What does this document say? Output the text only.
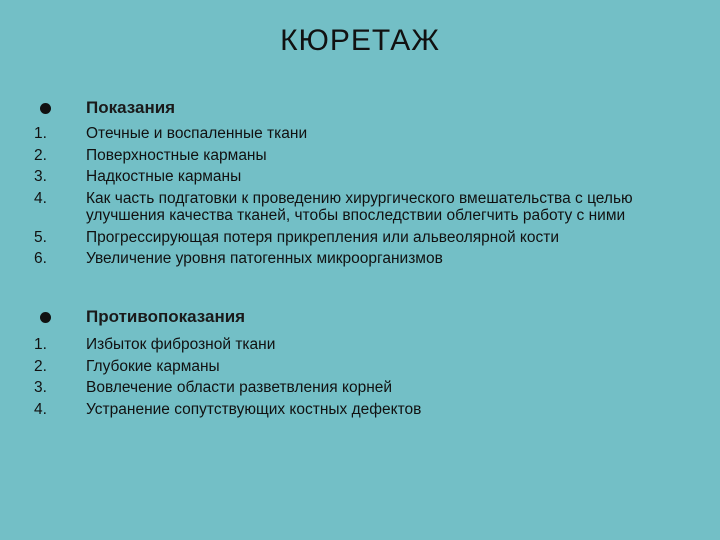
КЮРЕТАЖ
Показания
1.	Отечные и воспаленные ткани
2.	Поверхностные карманы
3.	Надкостные карманы
4.	Как часть подгатовки к проведению хирургического вмешательства с целью улучшения качества тканей, чтобы впоследствии облегчить работу с ними
5.	Прогрессирующая потеря прикрепления или альвеолярной кости
6.	Увеличение уровня патогенных микроорганизмов
Противопоказания
1.	Избыток фиброзной ткани
2.	Глубокие карманы
3.	Вовлечение области разветвления корней
4.	Устранение сопутствующих костных дефектов
